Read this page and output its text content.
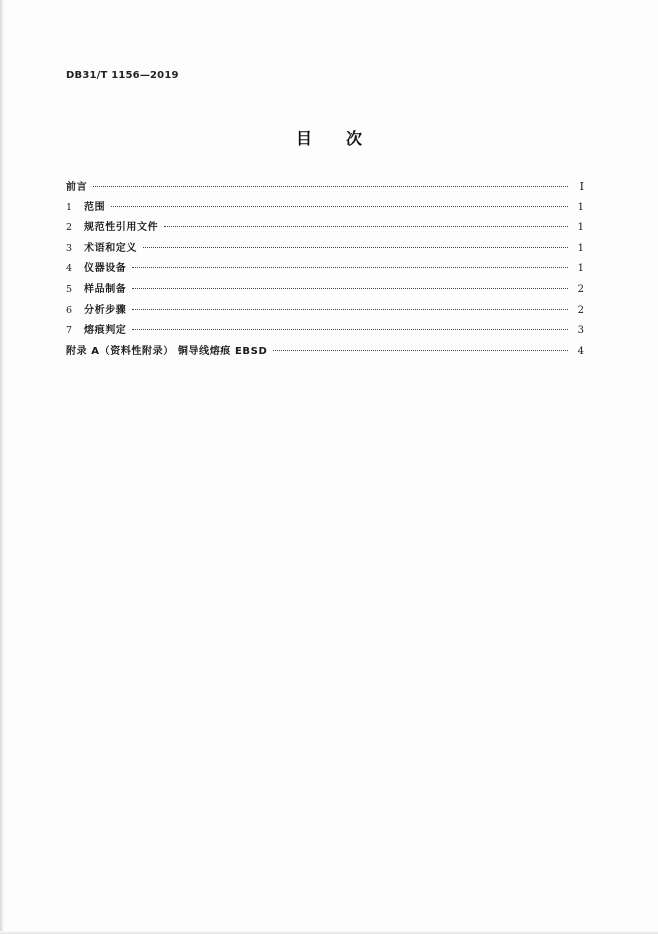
DB31/T 1156—2019
目 次
前言	Ⅰ
1	范围	1
2	规范性引用文件	1
3	术语和定义	1
4	仪器设备	1
5	样品制备	2
6	分析步骤	2
7	熔痕判定	3
附录 A（资料性附录） 铜导线熔痕 EBSD	4
